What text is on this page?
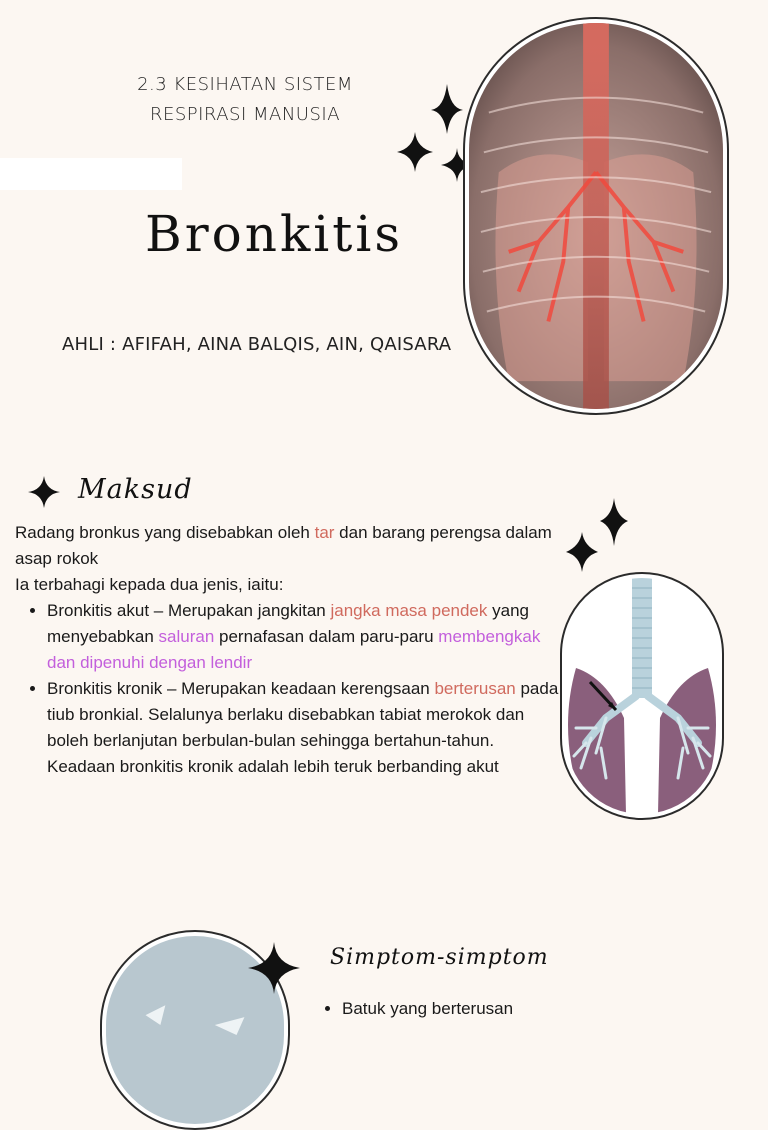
2.3 KESIHATAN SISTEM
RESPIRASI MANUSIA
Bronkitis
AHLI : AFIFAH, AINA BALQIS, AIN, QAISARA
Maksud

Radang bronkus yang disebabkan oleh tar dan barang perengsa dalam asap rokok

Ia terbahagi kepada dua jenis, iaitu:

• Bronkitis akut – Merupakan jangkitan jangka masa pendek yang menyebabkan saluran pernafasan dalam paru-paru membengkak dan dipenuhi dengan lendir
• Bronkitis kronik – Merupakan keadaan kerengsaan berterusan pada tiub bronkial. Selalunya berlaku disebabkan tabiat merokok dan boleh berlanjutan berbulan-bulan sehingga bertahun-tahun. Keadaan bronkitis kronik adalah lebih teruk berbanding akut
Simptom-simptom
• Batuk yang berterusan
